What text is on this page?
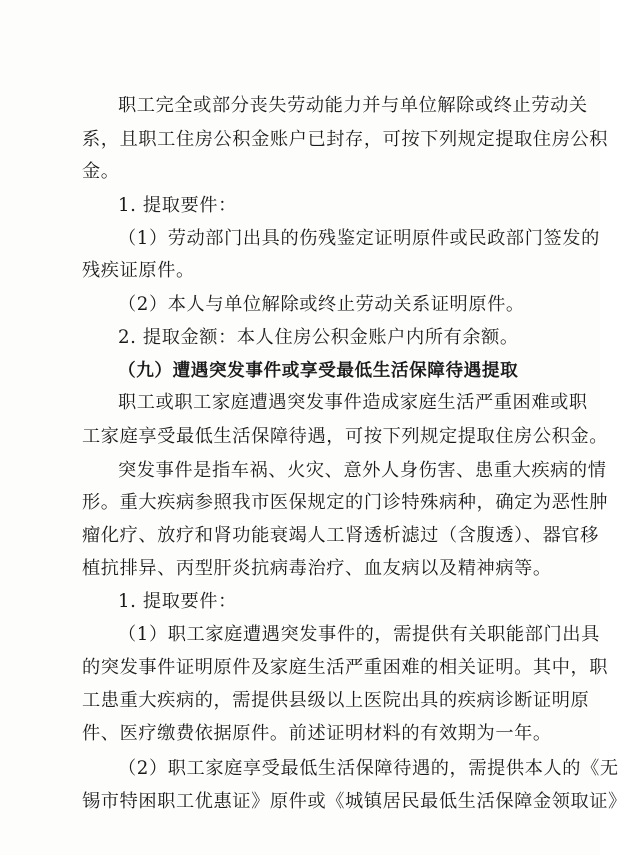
职工完全或部分丧失劳动能力并与单位解除或终止劳动关
系，且职工住房公积金账户已封存，可按下列规定提取住房公积
金。
1. 提取要件：
（1）劳动部门出具的伤残鉴定证明原件或民政部门签发的
残疾证原件。
（2）本人与单位解除或终止劳动关系证明原件。
2. 提取金额：本人住房公积金账户内所有余额。
（九）遭遇突发事件或享受最低生活保障待遇提取
职工或职工家庭遭遇突发事件造成家庭生活严重困难或职
工家庭享受最低生活保障待遇，可按下列规定提取住房公积金。
突发事件是指车祸、火灾、意外人身伤害、患重大疾病的情
形。重大疾病参照我市医保规定的门诊特殊病种，确定为恶性肿
瘤化疗、放疗和肾功能衰竭人工肾透析滤过（含腹透）、器官移
植抗排异、丙型肝炎抗病毒治疗、血友病以及精神病等。
1. 提取要件：
（1）职工家庭遭遇突发事件的，需提供有关职能部门出具
的突发事件证明原件及家庭生活严重困难的相关证明。其中，职
工患重大疾病的，需提供县级以上医院出具的疾病诊断证明原
件、医疗缴费依据原件。前述证明材料的有效期为一年。
（2）职工家庭享受最低生活保障待遇的，需提供本人的《无
锡市特困职工优惠证》原件或《城镇居民最低生活保障金领取证》
